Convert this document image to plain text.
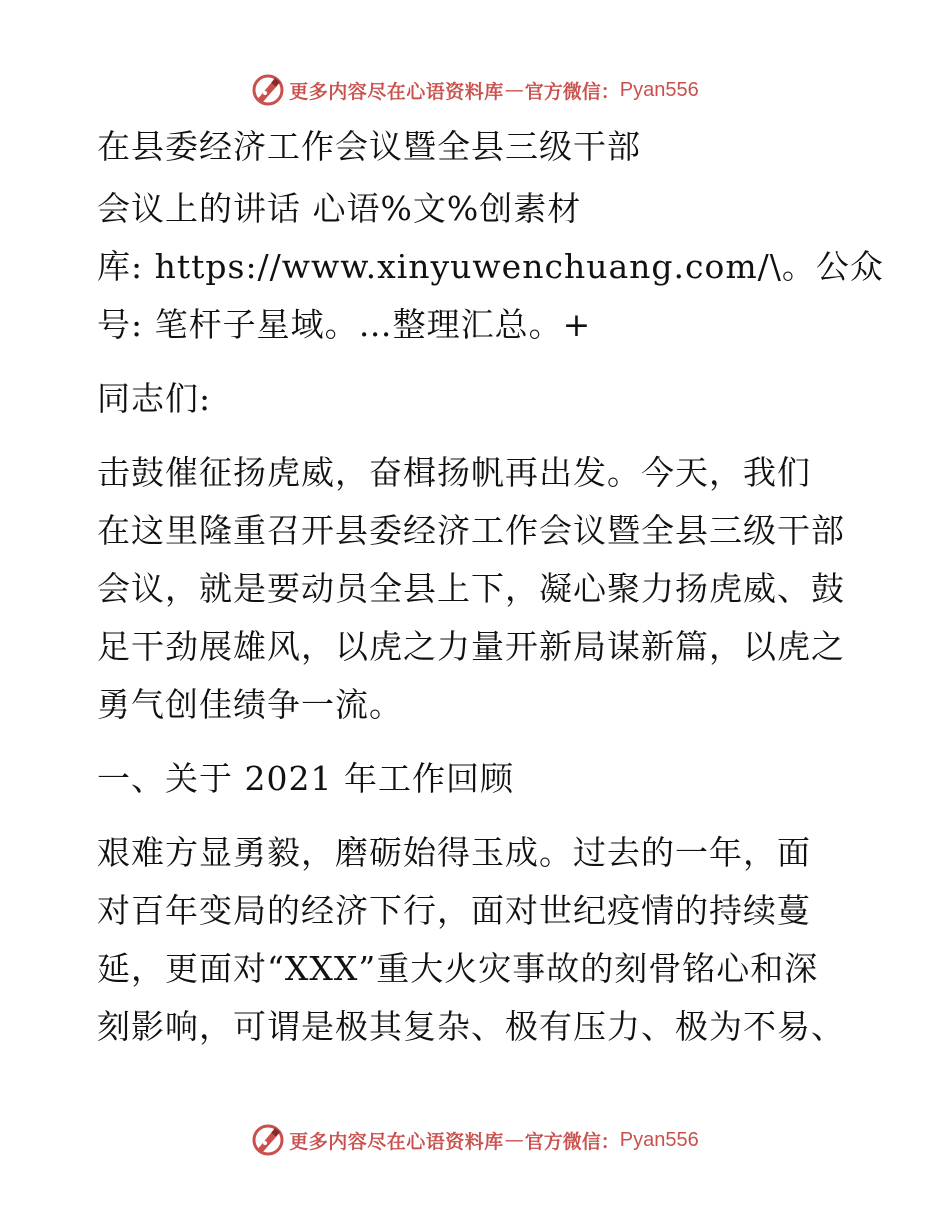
更多内容尽在心语资料库 — 官方微信： Pyan556
在县委经济工作会议暨全县三级干部
会议上的讲话 心语%文%创素材
库: https://www.xinyuwenchuang.com/\。公众
号: 笔杆子星域。…整理汇总。+
同志们:
击鼓催征扬虎威，奋楫扬帆再出发。今天，我们
在这里隆重召开县委经济工作会议暨全县三级干部
会议，就是要动员全县上下，凝心聚力扬虎威、鼓
足干劲展雄风，以虎之力量开新局谋新篇，以虎之
勇气创佳绩争一流。
一、关于 2021 年工作回顾
艰难方显勇毅，磨砺始得玉成。过去的一年，面
对百年变局的经济下行，面对世纪疫情的持续蔓
延，更面对“XXX”重大火灾事故的刻骨铭心和深
刻影响，可谓是极其复杂、极有压力、极为不易、
更多内容尽在心语资料库 — 官方微信： Pyan556
